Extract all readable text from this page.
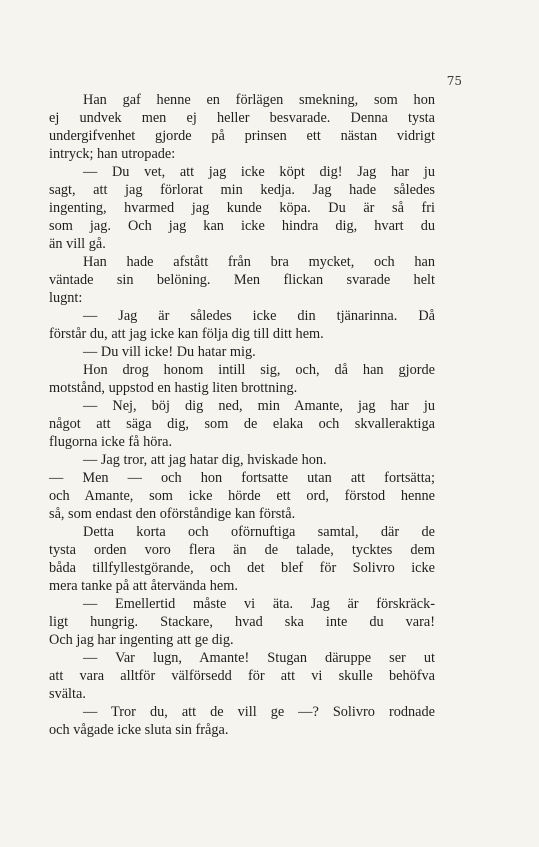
75
Han gaf henne en förlägen smekning, som hon
ej undvek men ej heller besvarade. Denna tysta
undergifvenhet gjorde på prinsen ett nästan vidrigt
intryck; han utropade:
— Du vet, att jag icke köpt dig! Jag har ju
sagt, att jag förlorat min kedja. Jag hade således
ingenting, hvarmed jag kunde köpa. Du är så fri
som jag. Och jag kan icke hindra dig, hvart du
än vill gå.
Han hade afstått från bra mycket, och han
väntade sin belöning. Men flickan svarade helt
lugnt:
— Jag är således icke din tjänarinna. Då
förstår du, att jag icke kan följa dig till ditt hem.
— Du vill icke! Du hatar mig.
Hon drog honom intill sig, och, då han gjorde
motstånd, uppstod en hastig liten brottning.
— Nej, böj dig ned, min Amante, jag har ju
något att säga dig, som de elaka och skvalleraktiga
flugorna icke få höra.
— Jag tror, att jag hatar dig, hviskade hon.
— Men — och hon fortsatte utan att fortsätta;
och Amante, som icke hörde ett ord, förstod henne
så, som endast den oförståndige kan förstå.
Detta korta och oförnuftiga samtal, där de
tysta orden voro flera än de talade, tycktes dem
båda tillfyllestgörande, och det blef för Solivro icke
mera tanke på att återvända hem.
— Emellertid måste vi äta. Jag är förskräck-
ligt hungrig. Stackare, hvad ska inte du vara!
Och jag har ingenting att ge dig.
— Var lugn, Amante! Stugan däruppe ser ut
att vara alltför välförsedd för att vi skulle behöfva
svälta.
— Tror du, att de vill ge —? Solivro rodnade
och vågade icke sluta sin fråga.
